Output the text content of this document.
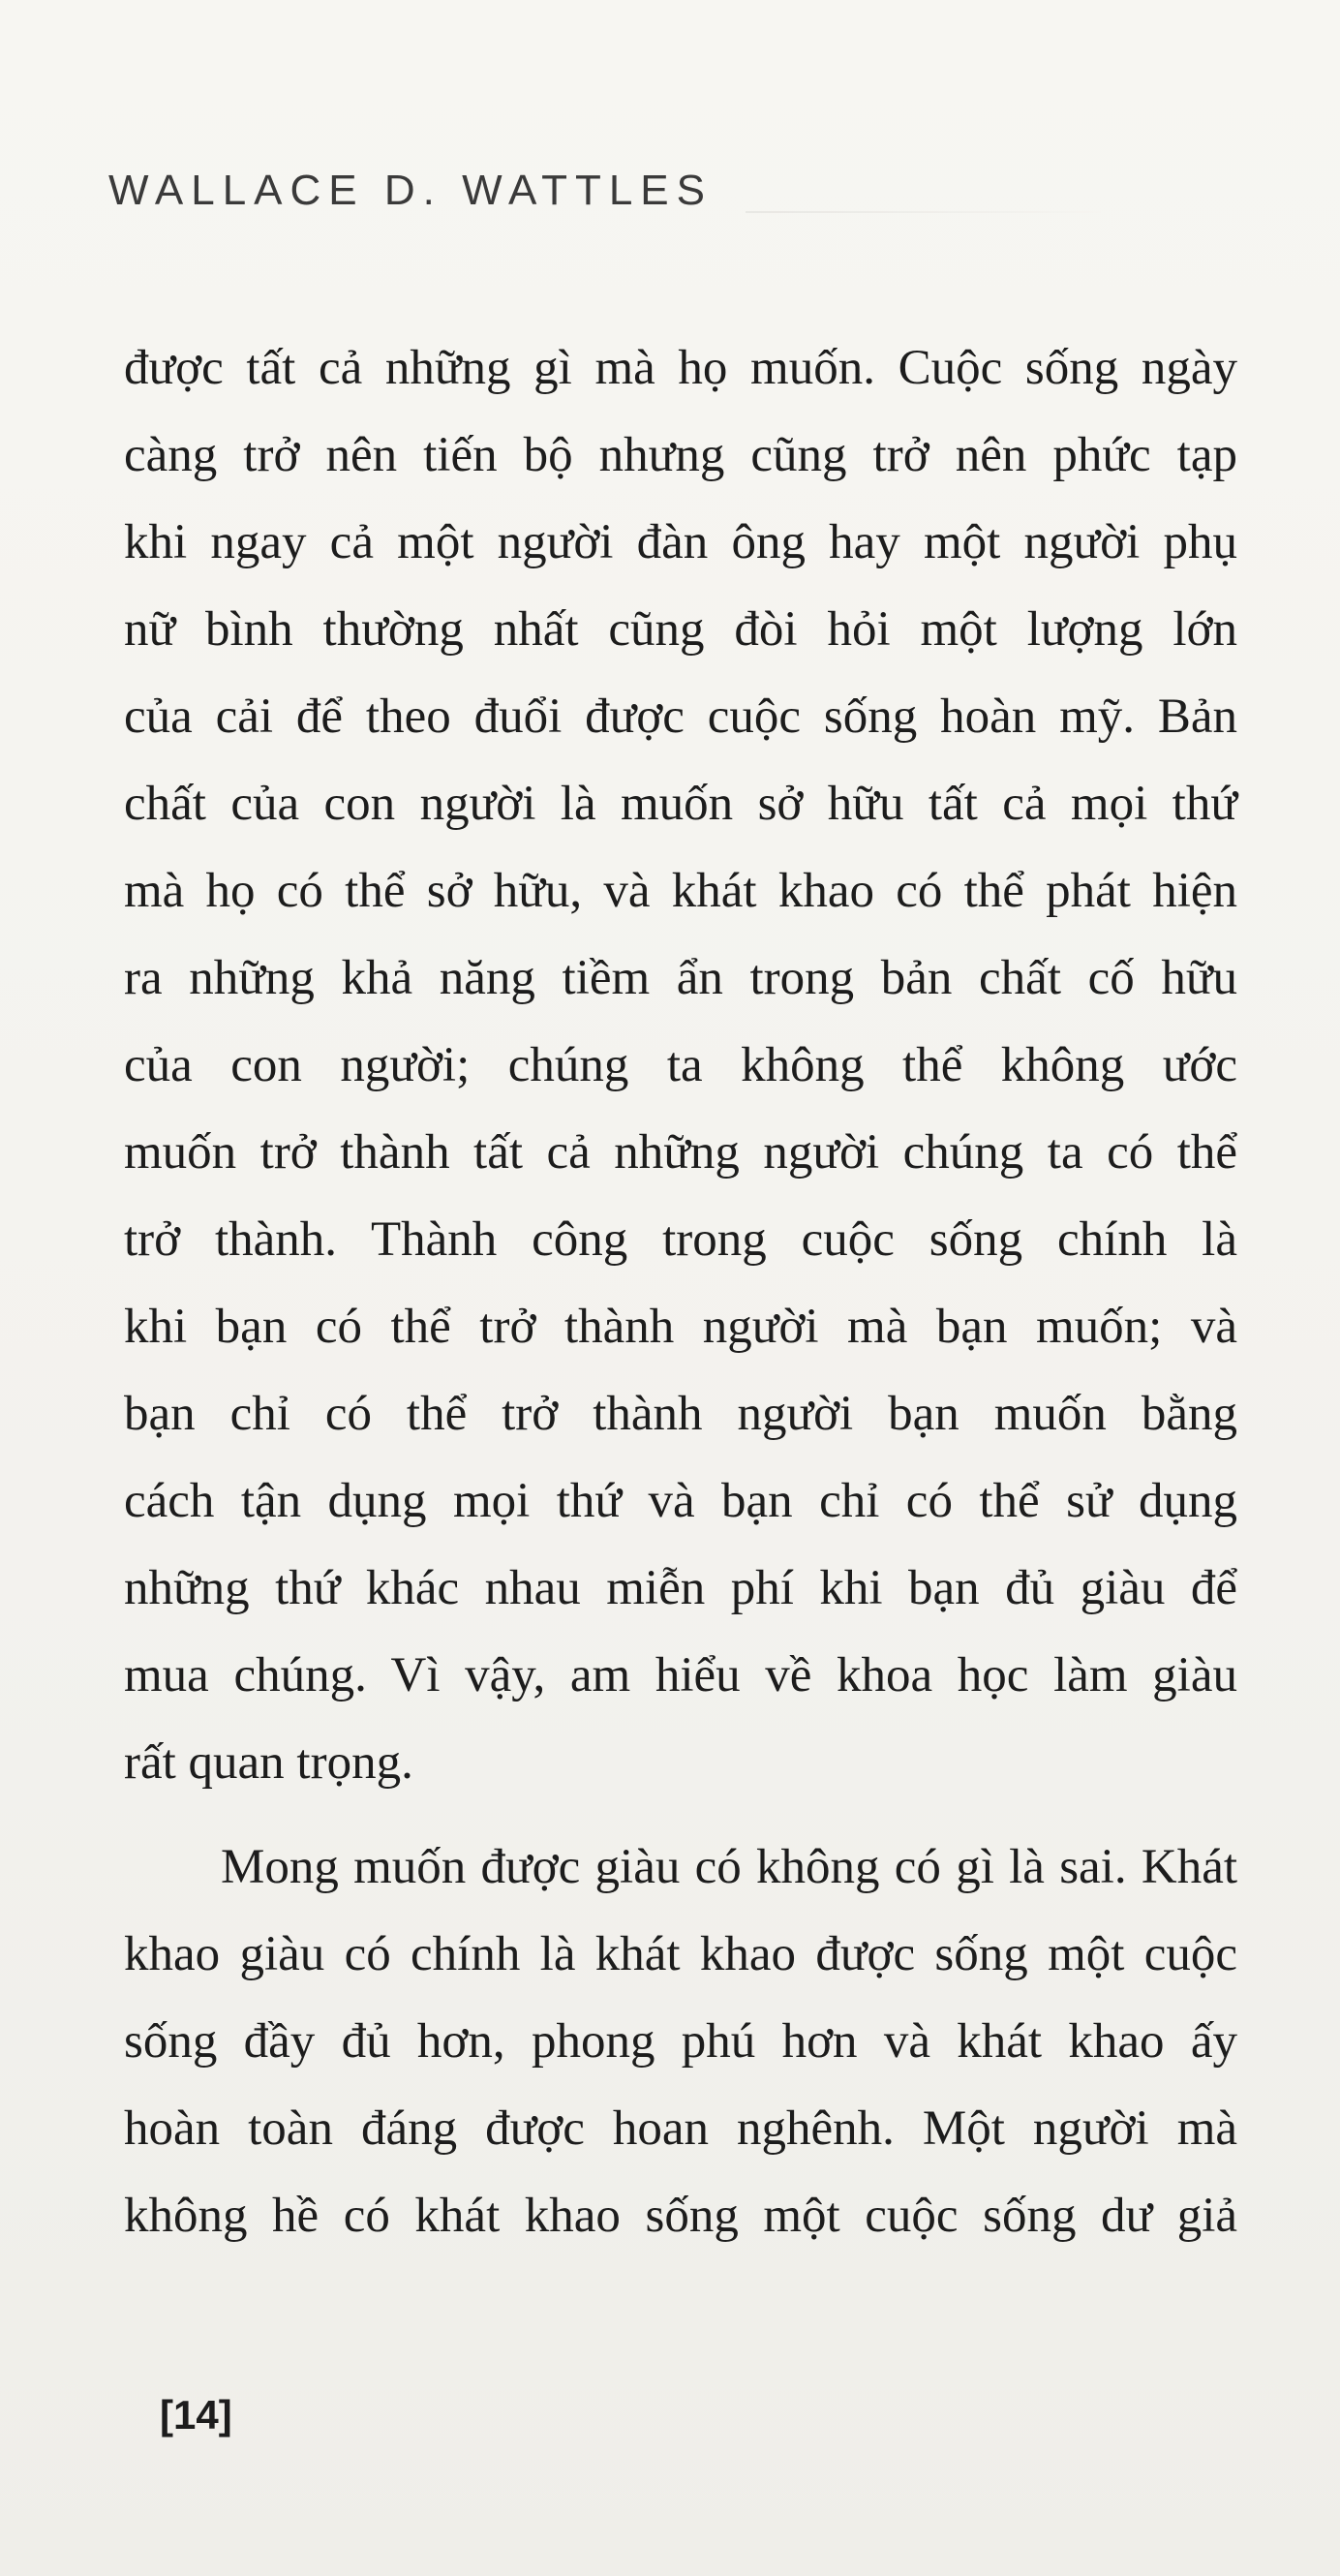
WALLACE D. WATTLES
được tất cả những gì mà họ muốn. Cuộc sống ngày
càng trở nên tiến bộ nhưng cũng trở nên phức tạp
khi ngay cả một người đàn ông hay một người phụ
nữ bình thường nhất cũng đòi hỏi một lượng lớn
của cải để theo đuổi được cuộc sống hoàn mỹ. Bản
chất của con người là muốn sở hữu tất cả mọi thứ
mà họ có thể sở hữu, và khát khao có thể phát hiện
ra những khả năng tiềm ẩn trong bản chất cố hữu
của con người; chúng ta không thể không ước
muốn trở thành tất cả những người chúng ta có thể
trở thành. Thành công trong cuộc sống chính là
khi bạn có thể trở thành người mà bạn muốn; và
bạn chỉ có thể trở thành người bạn muốn bằng
cách tận dụng mọi thứ và bạn chỉ có thể sử dụng
những thứ khác nhau miễn phí khi bạn đủ giàu để
mua chúng. Vì vậy, am hiểu về khoa học làm giàu
rất quan trọng.
Mong muốn được giàu có không có gì là sai. Khát
khao giàu có chính là khát khao được sống một cuộc
sống đầy đủ hơn, phong phú hơn và khát khao ấy
hoàn toàn đáng được hoan nghênh. Một người mà
không hề có khát khao sống một cuộc sống dư giả
[14]
